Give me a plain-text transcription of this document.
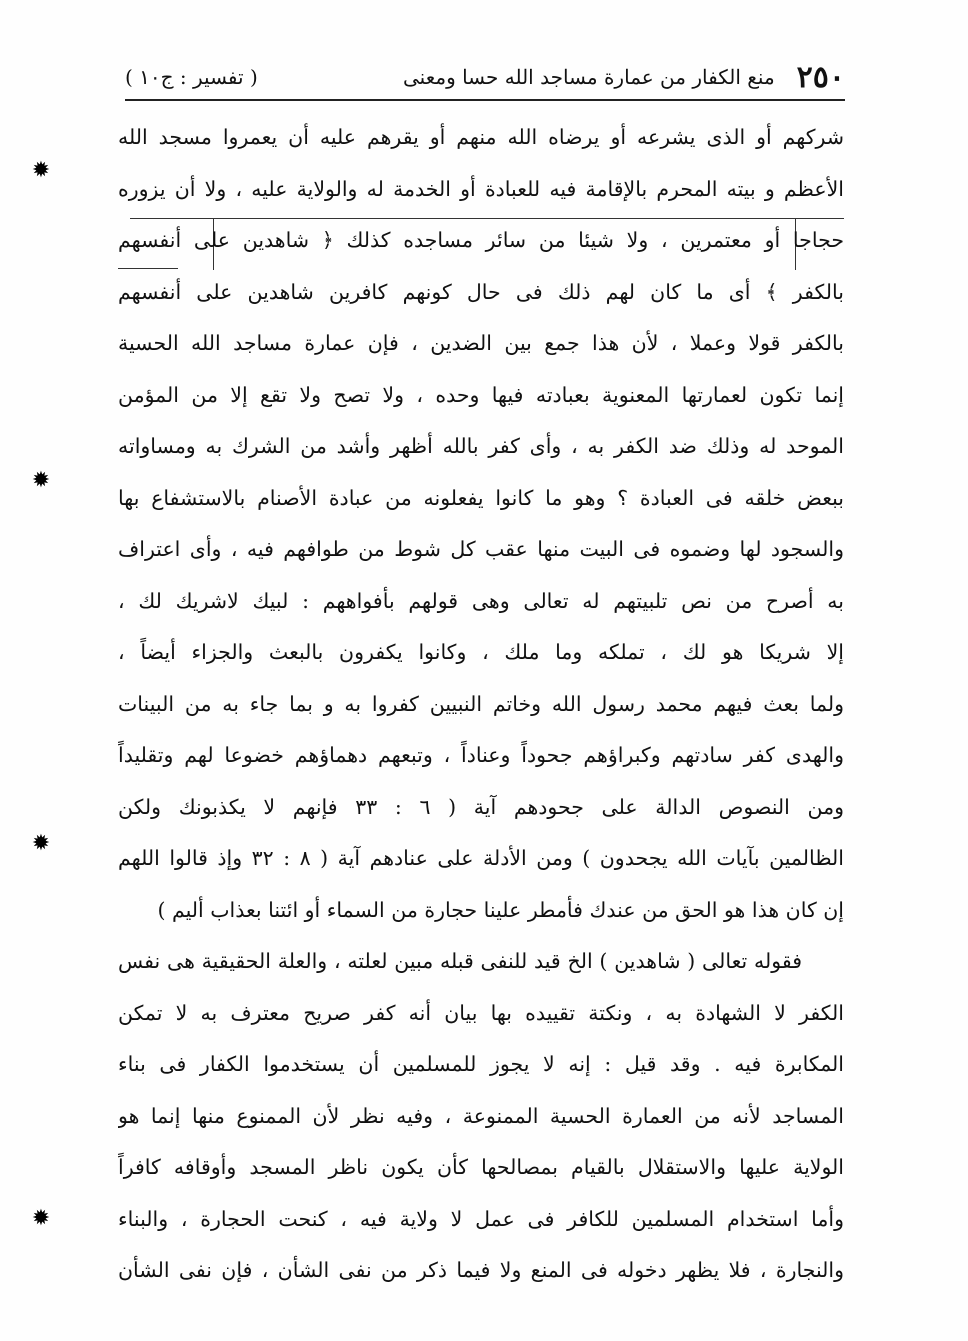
٢٥٠
منع الكفار من عمارة مساجد الله حسا ومعنى
( تفسير : ج١٠ )
شركهم أو الذى يشرعه أو يرضاه الله منهم أو يقرهم عليه أن يعمروا مسجد الله
الأعظم و بيته المحرم بالإقامة فيه للعبادة أو الخدمة له والولاية عليه ، ولا أن يزوره
حجاجا أو معتمرين ، ولا شيئا من سائر مساجده كذلك ﴿ شاهدين على أنفسهم
بالكفر ﴾ أى ما كان لهم ذلك فى حال كونهم كافرين شاهدين على أنفسهم
بالكفر قولا وعملا ، لأن هذا جمع بين الضدين ، فإن عمارة مساجد الله الحسية
إنما تكون لعمارتها المعنوية بعبادته فيها وحده ، ولا تصح ولا تقع إلا من المؤمن
الموحد له وذلك ضد الكفر به ، وأى كفر بالله أظهر وأشد من الشرك به ومساواته
ببعض خلقه فى العبادة ؟ وهو ما كانوا يفعلونه من عبادة الأصنام بالاستشفاع بها
والسجود لها وضموه فى البيت منها عقب كل شوط من طوافهم فيه ، وأى اعتراف
به أصرح من نص تلبيتهم له تعالى وهى قولهم بأفواههم : لبيك لاشريك لك ،
إلا شريكا هو لك ، تملكه وما ملك ، وكانوا يكفرون بالبعث والجزاء أيضاً ،
ولما بعث فيهم محمد رسول الله وخاتم النبيين كفروا به و بما جاء به من البينات
والهدى كفر سادتهم وكبراؤهم جحوداً وعناداً ، وتبعهم دهماؤهم خضوعا لهم وتقليداً
ومن النصوص الدالة على جحودهم آية ( ٦ : ٣٣ فإنهم لا يكذبونك ولكن
الظالمين بآيات الله يجحدون ) ومن الأدلة على عنادهم آية ( ٨ : ٣٢ وإذ قالوا اللهم
إن كان هذا هو الحق من عندك فأمطر علينا حجارة من السماء أو ائتنا بعذاب أليم )
فقوله تعالى ( شاهدين ) الخ قيد للنفى قبله مبين لعلته ، والعلة الحقيقية هى نفس
الكفر لا الشهادة به ، ونكتة تقييده بها بيان أنه كفر صريح معترف به لا تمكن
المكابرة فيه . وقد قيل : إنه لا يجوز للمسلمين أن يستخدموا الكفار فى بناء
المساجد لأنه من العمارة الحسية الممنوعة ، وفيه نظر لأن الممنوع منها إنما هو
الولاية عليها والاستقلال بالقيام بمصالحها كأن يكون ناظر المسجد وأوقافه كافراً
وأما استخدام المسلمين للكافر فى عمل لا ولاية فيه ، كنحت الحجارة ، والبناء
والنجارة ، فلا يظهر دخوله فى المنع ولا فيما ذكر من نفى الشأن ، فإن نفى الشأن
✹
✹
✹
✹
